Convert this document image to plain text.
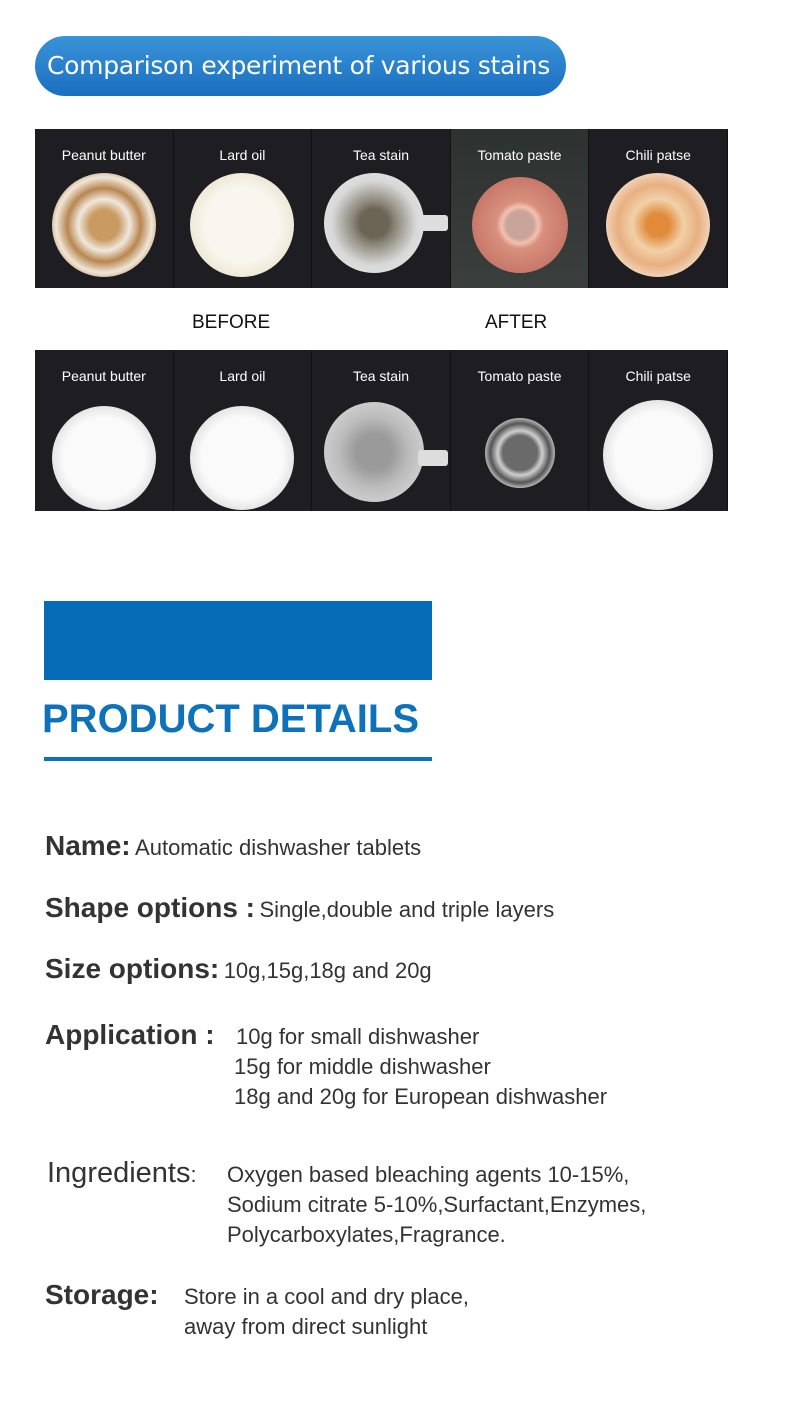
Comparison experiment of various stains
Peanut butter	Lard oil	Tea stain	Tomato paste	Chili patse
BEFORE	AFTER
Peanut butter	Lard oil	Tea stain	Tomato paste	Chili patse
PRODUCT DETAILS
Name: Automatic dishwasher tablets
Shape options : Single,double and triple layers
Size options: 10g,15g,18g and 20g
Application : 10g for small dishwasher
15g for middle dishwasher
18g and 20g for European dishwasher
Ingredients: Oxygen based bleaching agents 10-15%,
Sodium citrate 5-10%,Surfactant,Enzymes,
Polycarboxylates,Fragrance.
Storage: Store in a cool and dry place,
away from direct sunlight
